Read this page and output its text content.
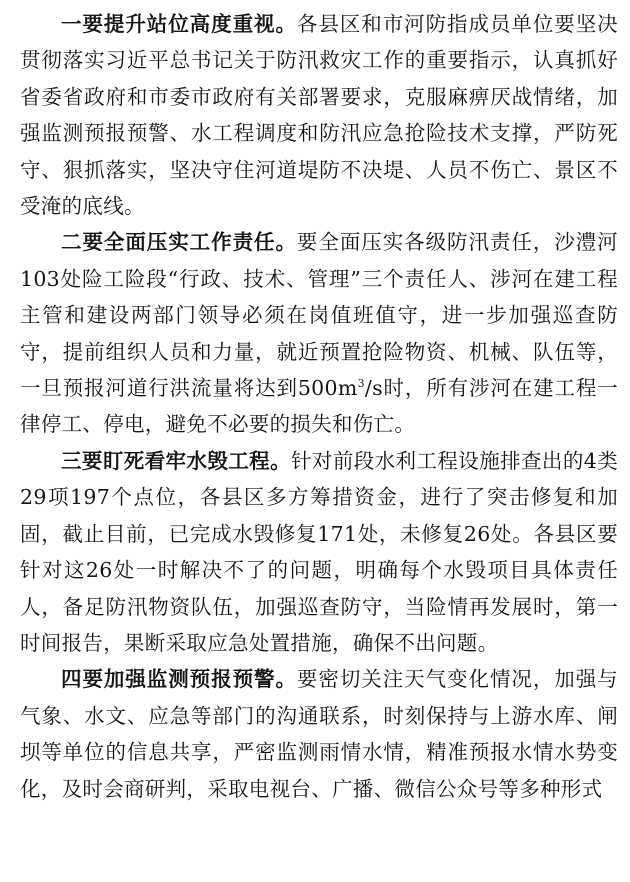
一要提升站位高度重视。各县区和市河防指成员单位要坚决贯彻落实习近平总书记关于防汛救灾工作的重要指示，认真抓好省委省政府和市委市政府有关部署要求，克服麻痹厌战情绪，加强监测预报预警、水工程调度和防汛应急抢险技术支撑，严防死守、狠抓落实，坚决守住河道堤防不决堤、人员不伤亡、景区不受淹的底线。

二要全面压实工作责任。要全面压实各级防汛责任，沙澧河103处险工险段“行政、技术、管理”三个责任人、涉河在建工程主管和建设两部门领导必须在岗值班值守，进一步加强巡查防守，提前组织人员和力量，就近预置抢险物资、机械、队伍等，一旦预报河道行洪流量将达到$500m^3/s$时，所有涉河在建工程一律停工、停电，避免不必要的损失和伤亡。

三要盯死看牢水毁工程。针对前段水利工程设施排查出的4类29项197个点位，各县区多方筹措资金，进行了突击修复和加固，截止目前，已完成水毁修复171处，未修复26处。各县区要针对这26处一时解决不了的问题，明确每个水毁项目具体责任人，备足防汛物资队伍，加强巡查防守，当险情再发展时，第一时间报告，果断采取应急处置措施，确保不出问题。

四要加强监测预报预警。要密切关注天气变化情况，加强与气象、水文、应急等部门的沟通联系，时刻保持与上游水库、闸坝等单位的信息共享，严密监测雨情水情，精准预报水情水势变化，及时会商研判，采取电视台、广播、微信公众号等多种形式
